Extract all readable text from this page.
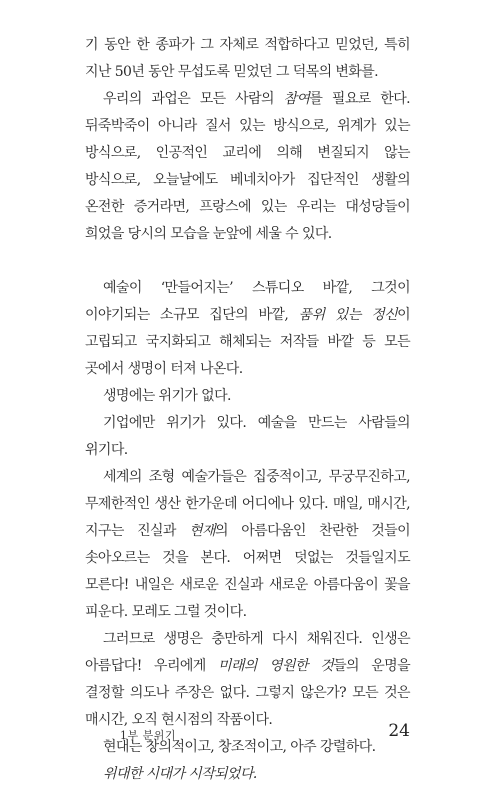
기 동안 한 종파가 그 자체로 적합하다고 믿었던, 특히 지난 50년 동안 무섭도록 믿었던 그 덕목의 변화를.

우리의 과업은 모든 사람의 참여를 필요로 한다. 뒤죽박죽이 아니라 질서 있는 방식으로, 위계가 있는 방식으로, 인공적인 교리에 의해 변질되지 않는 방식으로, 오늘날에도 베네치아가 집단적인 생활의 온전한 증거라면, 프랑스에 있는 우리는 대성당들이 희었을 당시의 모습을 눈앞에 세울 수 있다.

예술이 ‘만들어지는’ 스튜디오 바깥, 그것이 이야기되는 소규모 집단의 바깥, 품위 있는 정신이 고립되고 국지화되고 해체되는 저작들 바깥 등 모든 곳에서 생명이 터져 나온다.

생명에는 위기가 없다.

기업에만 위기가 있다. 예술을 만드는 사람들의 위기다.

세계의 조형 예술가들은 집중적이고, 무궁무진하고, 무제한적인 생산 한가운데 어디에나 있다. 매일, 매시간, 지구는 진실과 현재의 아름다움인 찬란한 것들이 솟아오르는 것을 본다. 어쩌면 덧없는 것들일지도 모른다! 내일은 새로운 진실과 새로운 아름다움이 꽃을 피운다. 모레도 그럴 것이다.

그러므로 생명은 충만하게 다시 채워진다. 인생은 아름답다! 우리에게 미래의 영원한 것들의 운명을 결정할 의도나 주장은 없다. 그렇지 않은가? 모든 것은 매시간, 오직 현시점의 작품이다.

현대는 창의적이고, 창조적이고, 아주 강렬하다.

위대한 시대가 시작되었다.

1부 분위기	24
